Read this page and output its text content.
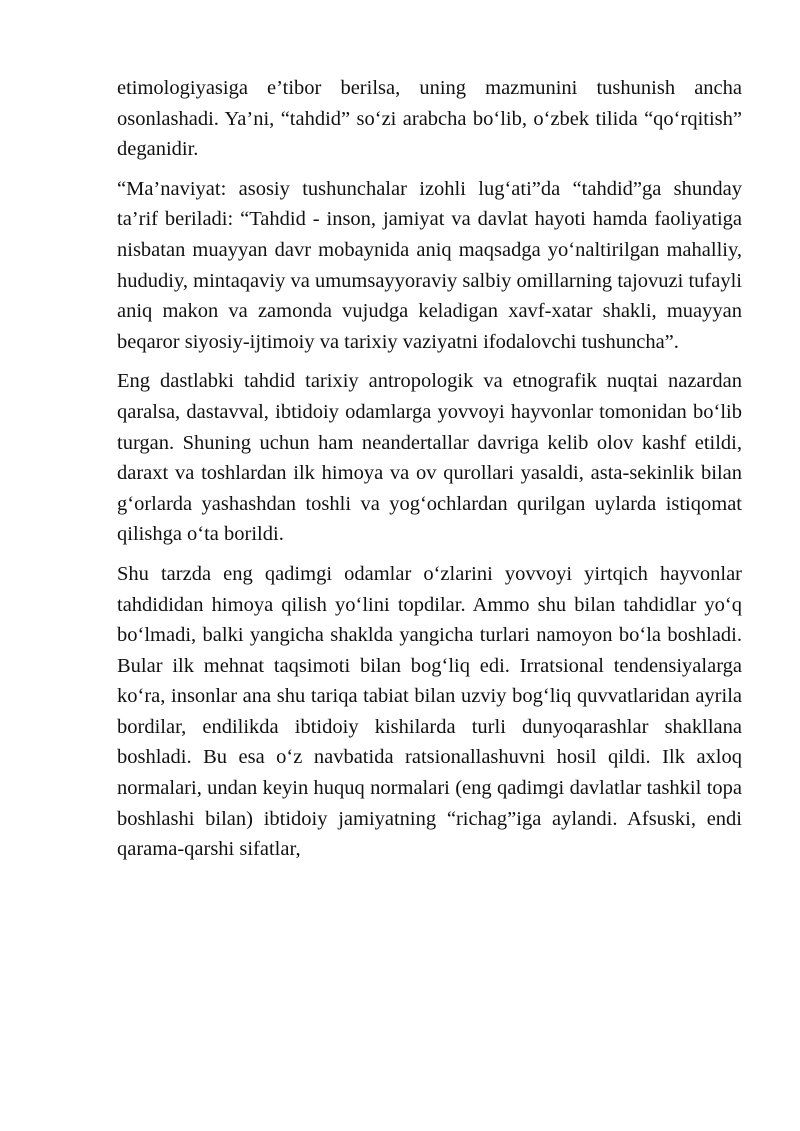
etimologiyasiga e’tibor berilsa, uning mazmunini tushunish ancha osonlashadi. Ya’ni, “tahdid” so‘zi arabcha bo‘lib, o‘zbek tilida “qo‘rqitish” deganidir.

“Ma’naviyat: asosiy tushunchalar izohli lug‘ati”da “tahdid”ga shunday ta’rif beriladi: “Tahdid - inson, jamiyat va davlat hayoti hamda faoliyatiga nisbatan muayyan davr mobaynida aniq maqsadga yo‘naltirilgan mahalliy, hududiy, mintaqaviy va umumsayyoraviy salbiy omillarning tajovuzi tufayli aniq makon va zamonda vujudga keladigan xavf-xatar shakli, muayyan beqaror siyosiy-ijtimoiy va tarixiy vaziyatni ifodalovchi tushuncha”.

Eng dastlabki tahdid tarixiy antropologik va etnografik nuqtai nazardan qaralsa, dastavval, ibtidoiy odamlarga yovvoyi hayvonlar tomonidan bo‘lib turgan. Shuning uchun ham neandertallar davriga kelib olov kashf etildi, daraxt va toshlardan ilk himoya va ov qurollari yasaldi, asta-sekinlik bilan g‘orlarda yashashdan toshli va yog‘ochlardan qurilgan uylarda istiqomat qilishga o‘ta borildi.

Shu tarzda eng qadimgi odamlar o‘zlarini yovvoyi yirtqich hayvonlar tahdididan himoya qilish yo‘lini topdilar. Ammo shu bilan tahdidlar yo‘q bo‘lmadi, balki yangicha shaklda yangicha turlari namoyon bo‘la boshladi. Bular ilk mehnat taqsimoti bilan bog‘liq edi. Irratsional tendensiyalarga ko‘ra, insonlar ana shu tariqa tabiat bilan uzviy bog‘liq quvvatlaridan ayrila bordilar, endilikda ibtidoiy kishilarda turli dunyoqarashlar shakllana boshladi. Bu esa o‘z navbatida ratsionallashuvni hosil qildi. Ilk axloq normalari, undan keyin huquq normalari (eng qadimgi davlatlar tashkil topa boshlashi bilan) ibtidoiy jamiyatning “richag”iga aylandi. Afsuski, endi qarama-qarshi sifatlar,
